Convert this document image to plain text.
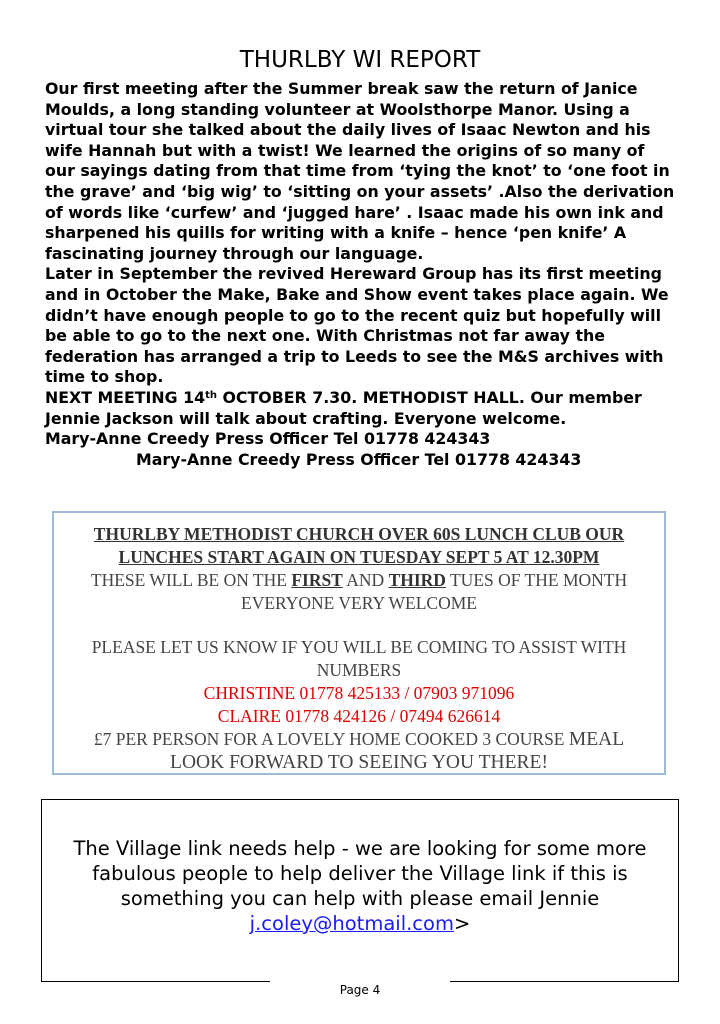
THURLBY WI REPORT

Our first meeting after the Summer break saw the return of Janice

Moulds, a long standing volunteer at Woolsthorpe Manor. Using a

virtual tour she talked about the daily lives of Isaac Newton and his

wife Hannah but with a twist! We learned the origins of so many of

our sayings dating from that time from ‘tying the knot’ to ‘one foot in

the grave’ and ‘big wig’ to ‘sitting on your assets’ .Also the derivation

of words like ‘curfew’ and ‘jugged hare’ . Isaac made his own ink and

sharpened his quills for writing with a knife – hence ‘pen knife’ A

fascinating journey through our language.

Later in September the revived Hereward Group has its first meeting

and in October the Make, Bake and Show event takes place again. We

didn’t have enough people to go to the recent quiz but hopefully will

be able to go to the next one. With Christmas not far away the

federation has arranged a trip to Leeds to see the M&S archives with

time to shop.

NEXT MEETING 14th OCTOBER 7.30. METHODIST HALL. Our member

Jennie Jackson will talk about crafting. Everyone welcome.

Mary-Anne Creedy Press Officer Tel 01778 424343

Mary-Anne Creedy Press Officer Tel 01778 424343

THURLBY METHODIST CHURCH OVER 60S LUNCH CLUB OUR

LUNCHES START AGAIN ON TUESDAY SEPT 5 AT 12.30PM

THESE WILL BE ON THE FIRST AND THIRD TUES OF THE MONTH

EVERYONE VERY WELCOME

PLEASE LET US KNOW IF YOU WILL BE COMING TO ASSIST WITH

NUMBERS

CHRISTINE 01778 425133 / 07903 971096

CLAIRE 01778 424126 / 07494 626614

£7 PER PERSON FOR A LOVELY HOME COOKED 3 COURSE MEAL

LOOK FORWARD TO SEEING YOU THERE!

The Village link needs help - we are looking for some more

fabulous people to help deliver the Village link if this is

something you can help with please email Jennie

j.coley@hotmail.com>

Page 4
